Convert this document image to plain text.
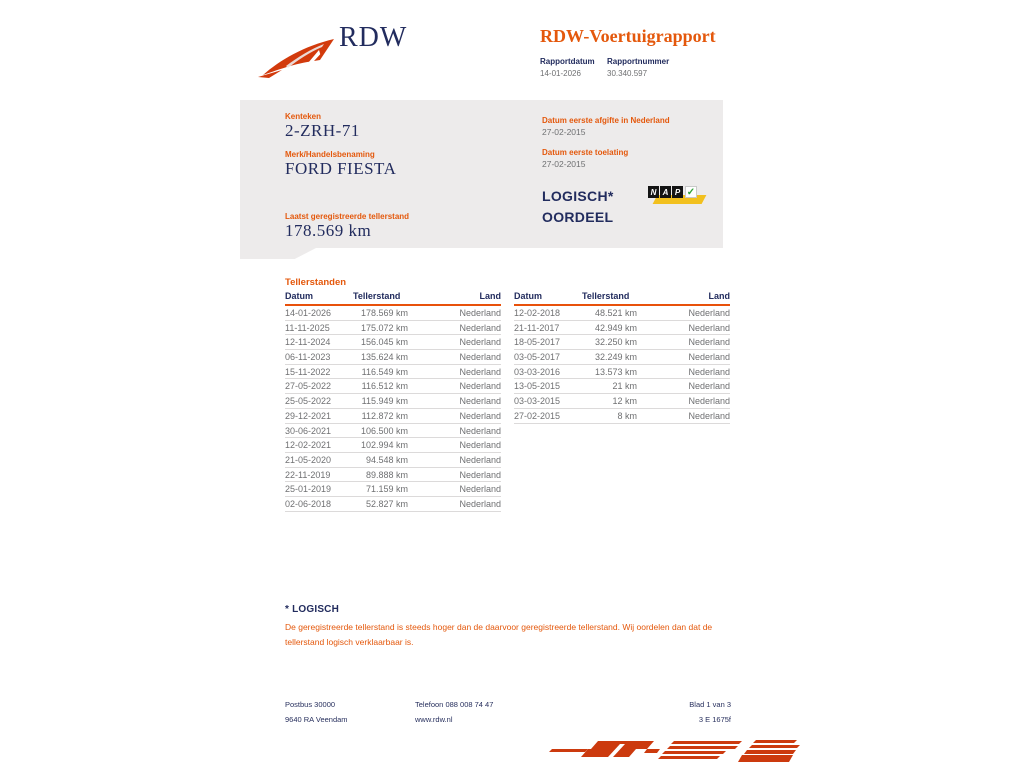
RDW	RDW-Voertuigrapport
Rapportdatum
14-01-2026
Rapportnummer
30.340.597
Kenteken
2-ZRH-71
Merk/Handelsbenaming
FORD FIESTA
Laatst geregistreerde tellerstand
178.569 km
Datum eerste afgifte in Nederland
27-02-2015
Datum eerste toelating
27-02-2015
LOGISCH*
OORDEEL
N A P ✓
Tellerstanden
Datum	Tellerstand	Land
14-01-2026	178.569 km	Nederland
11-11-2025	175.072 km	Nederland
12-11-2024	156.045 km	Nederland
06-11-2023	135.624 km	Nederland
15-11-2022	116.549 km	Nederland
27-05-2022	116.512 km	Nederland
25-05-2022	115.949 km	Nederland
29-12-2021	112.872 km	Nederland
30-06-2021	106.500 km	Nederland
12-02-2021	102.994 km	Nederland
21-05-2020	94.548 km	Nederland
22-11-2019	89.888 km	Nederland
25-01-2019	71.159 km	Nederland
02-06-2018	52.827 km	Nederland
Datum	Tellerstand	Land
12-02-2018	48.521 km	Nederland
21-11-2017	42.949 km	Nederland
18-05-2017	32.250 km	Nederland
03-05-2017	32.249 km	Nederland
03-03-2016	13.573 km	Nederland
13-05-2015	21 km	Nederland
03-03-2015	12 km	Nederland
27-02-2015	8 km	Nederland
* LOGISCH
De geregistreerde tellerstand is steeds hoger dan de daarvoor geregistreerde tellerstand. Wij oordelen dan dat de
tellerstand logisch verklaarbaar is.
Postbus 30000
9640 RA Veendam
Telefoon 088 008 74 47
www.rdw.nl
Blad 1 van 3
3 E 1675f
